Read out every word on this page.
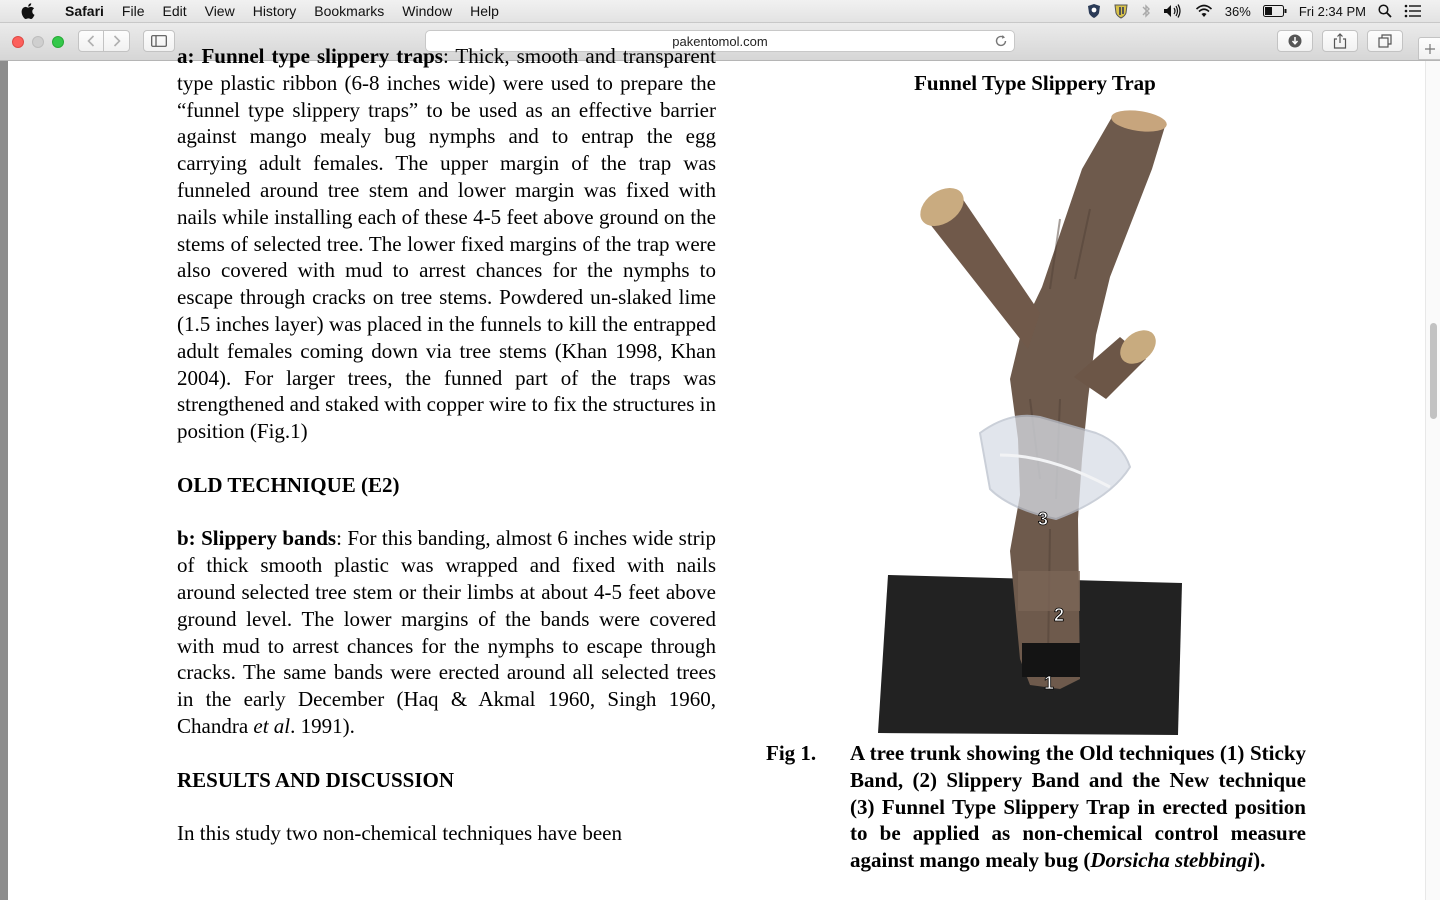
Safari	File	Edit	View	History	Bookmarks	Window	Help	36%	Fri 2:34 PM
pakentomol.com

a: Funnel type slippery traps: Thick, smooth and transparent type plastic ribbon (6-8 inches wide) were used to prepare the “funnel type slippery traps” to be used as an effective barrier against mango mealy bug nymphs and to entrap the egg carrying adult females. The upper margin of the trap was funneled around tree stem and lower margin was fixed with nails while installing each of these 4-5 feet above ground on the stems of selected tree. The lower fixed margins of the trap were also covered with mud to arrest chances for the nymphs to escape through cracks on tree stems. Powdered un-slaked lime (1.5 inches layer) was placed in the funnels to kill the entrapped adult females coming down via tree stems (Khan 1998, Khan 2004). For larger trees, the funned part of the traps was strengthened and staked with copper wire to fix the structures in position (Fig.1)

OLD TECHNIQUE (E2)

b: Slippery bands: For this banding, almost 6 inches wide strip of thick smooth plastic was wrapped and fixed with nails around selected tree stem or their limbs at about 4-5 feet above ground level. The lower margins of the bands were covered with mud to arrest chances for the nymphs to escape through cracks. The same bands were erected around all selected trees in the early December (Haq & Akmal 1960, Singh 1960, Chandra et al. 1991).

RESULTS AND DISCUSSION

In this study two non-chemical techniques have been

Funnel Type Slippery Trap
3
2
1
Fig 1. A tree trunk showing the Old techniques (1) Sticky Band, (2) Slippery Band and the New technique (3) Funnel Type Slippery Trap in erected position to be applied as non-chemical control measure against mango mealy bug (Dorsicha stebbingi).
